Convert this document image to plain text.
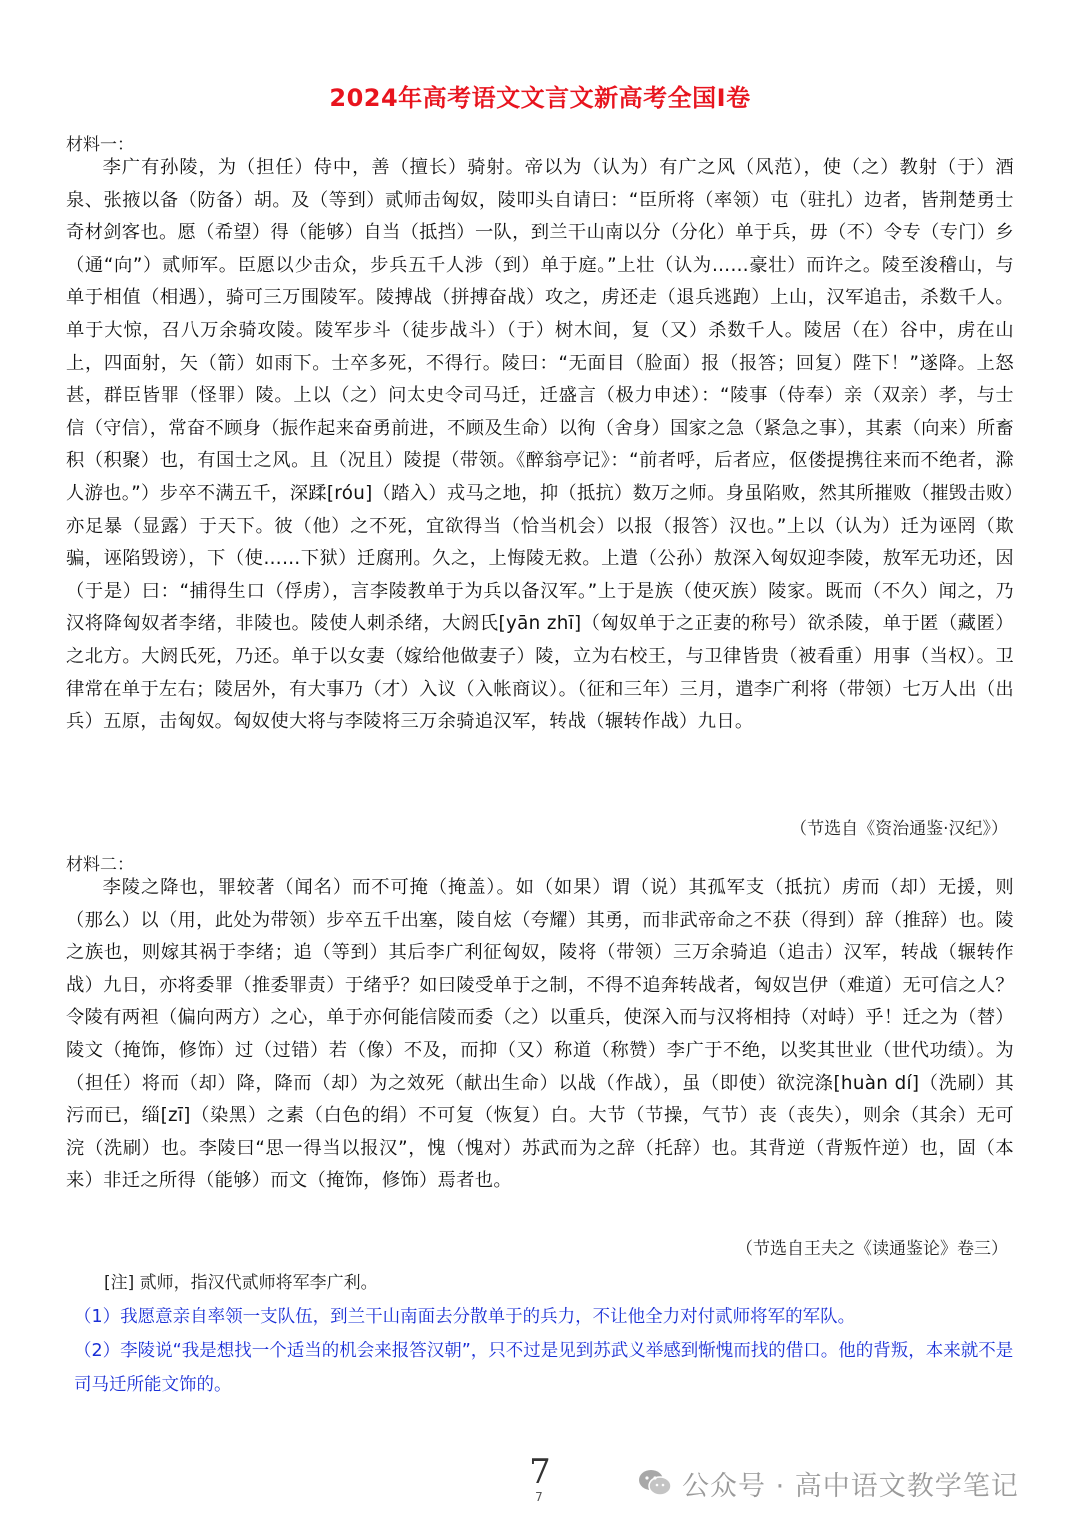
2024年高考语文文言文新高考全国Ⅰ卷
材料一：

李广有孙陵，为（担任）侍中，善（擅长）骑射。帝以为（认为）有广之风（风范），使（之）教射（于）酒泉、张掖以备（防备）胡。及（等到）贰师击匈奴，陵叩头自请曰：“臣所将（率领）屯（驻扎）边者，皆荆楚勇士奇材剑客也。愿（希望）得（能够）自当（抵挡）一队，到兰干山南以分（分化）单于兵，毋（不）令专（专门）乡（通“向”）贰师军。臣愿以少击众，步兵五千人涉（到）单于庭。”上壮（认为……豪壮）而许之。陵至浚稽山，与单于相值（相遇），骑可三万围陵军。陵搏战（拼搏奋战）攻之，虏还走（退兵逃跑）上山，汉军追击，杀数千人。单于大惊，召八万余骑攻陵。陵军步斗（徒步战斗）（于）树木间，复（又）杀数千人。陵居（在）谷中，虏在山上，四面射，矢（箭）如雨下。士卒多死，不得行。陵曰：“无面目（脸面）报（报答；回复）陛下！”遂降。上怒甚，群臣皆罪（怪罪）陵。上以（之）问太史令司马迁，迁盛言（极力申述）：“陵事（侍奉）亲（双亲）孝，与士信（守信），常奋不顾身（振作起来奋勇前进，不顾及生命）以徇（舍身）国家之急（紧急之事），其素（向来）所畜积（积聚）也，有国士之风。且（况且）陵提（带领。《醉翁亭记》：“前者呼，后者应，伛偻提携往来而不绝者，滁人游也。”）步卒不满五千，深蹂[róu]（踏入）戎马之地，抑（抵抗）数万之师。身虽陷败，然其所摧败（摧毁击败）亦足暴（显露）于天下。彼（他）之不死，宜欲得当（恰当机会）以报（报答）汉也。”上以（认为）迁为诬罔（欺骗，诬陷毁谤），下（使……下狱）迁腐刑。久之，上悔陵无救。上遣（公孙）敖深入匈奴迎李陵，敖军无功还，因（于是）曰：“捕得生口（俘虏），言李陵教单于为兵以备汉军。”上于是族（使灭族）陵家。既而（不久）闻之，乃汉将降匈奴者李绪，非陵也。陵使人刺杀绪，大阏氏[yān zhī]（匈奴单于之正妻的称号）欲杀陵，单于匿（藏匿）之北方。大阏氏死，乃还。单于以女妻（嫁给他做妻子）陵，立为右校王，与卫律皆贵（被看重）用事（当权）。卫律常在单于左右；陵居外，有大事乃（才）入议（入帐商议）。（征和三年）三月，遣李广利将（带领）七万人出（出兵）五原，击匈奴。匈奴使大将与李陵将三万余骑追汉军，转战（辗转作战）九日。

（节选自《资治通鉴·汉纪》）
材料二：

李陵之降也，罪较著（闻名）而不可掩（掩盖）。如（如果）谓（说）其孤军支（抵抗）虏而（却）无援，则（那么）以（用，此处为带领）步卒五千出塞，陵自炫（夸耀）其勇，而非武帝命之不获（得到）辞（推辞）也。陵之族也，则嫁其祸于李绪；追（等到）其后李广利征匈奴，陵将（带领）三万余骑追（追击）汉军，转战（辗转作战）九日，亦将委罪（推委罪责）于绪乎？如曰陵受单于之制，不得不追奔转战者，匈奴岂伊（难道）无可信之人？令陵有两袒（偏向两方）之心，单于亦何能信陵而委（之）以重兵，使深入而与汉将相持（对峙）乎！迁之为（替）陵文（掩饰，修饰）过（过错）若（像）不及，而抑（又）称道（称赞）李广于不绝，以奖其世业（世代功绩）。为（担任）将而（却）降，降而（却）为之效死（献出生命）以战（作战），虽（即使）欲浣涤[huàn dí]（洗刷）其污而已，缁[zī]（染黑）之素（白色的绢）不可复（恢复）白。大节（节操，气节）丧（丧失），则余（其余）无可浣（洗刷）也。李陵曰“思一得当以报汉”，愧（愧对）苏武而为之辞（托辞）也。其背逆（背叛忤逆）也，固（本来）非迁之所得（能够）而文（掩饰，修饰）焉者也。

（节选自王夫之《读通鉴论》卷三）
[注] 贰师，指汉代贰师将军李广利。

（1）我愿意亲自率领一支队伍，到兰干山南面去分散单于的兵力，不让他全力对付贰师将军的军队。

（2）李陵说“我是想找一个适当的机会来报答汉朝”，只不过是见到苏武义举感到惭愧而找的借口。他的背叛，本来就不是司马迁所能文饰的。

7
7	公众号 · 高中语文教学笔记
